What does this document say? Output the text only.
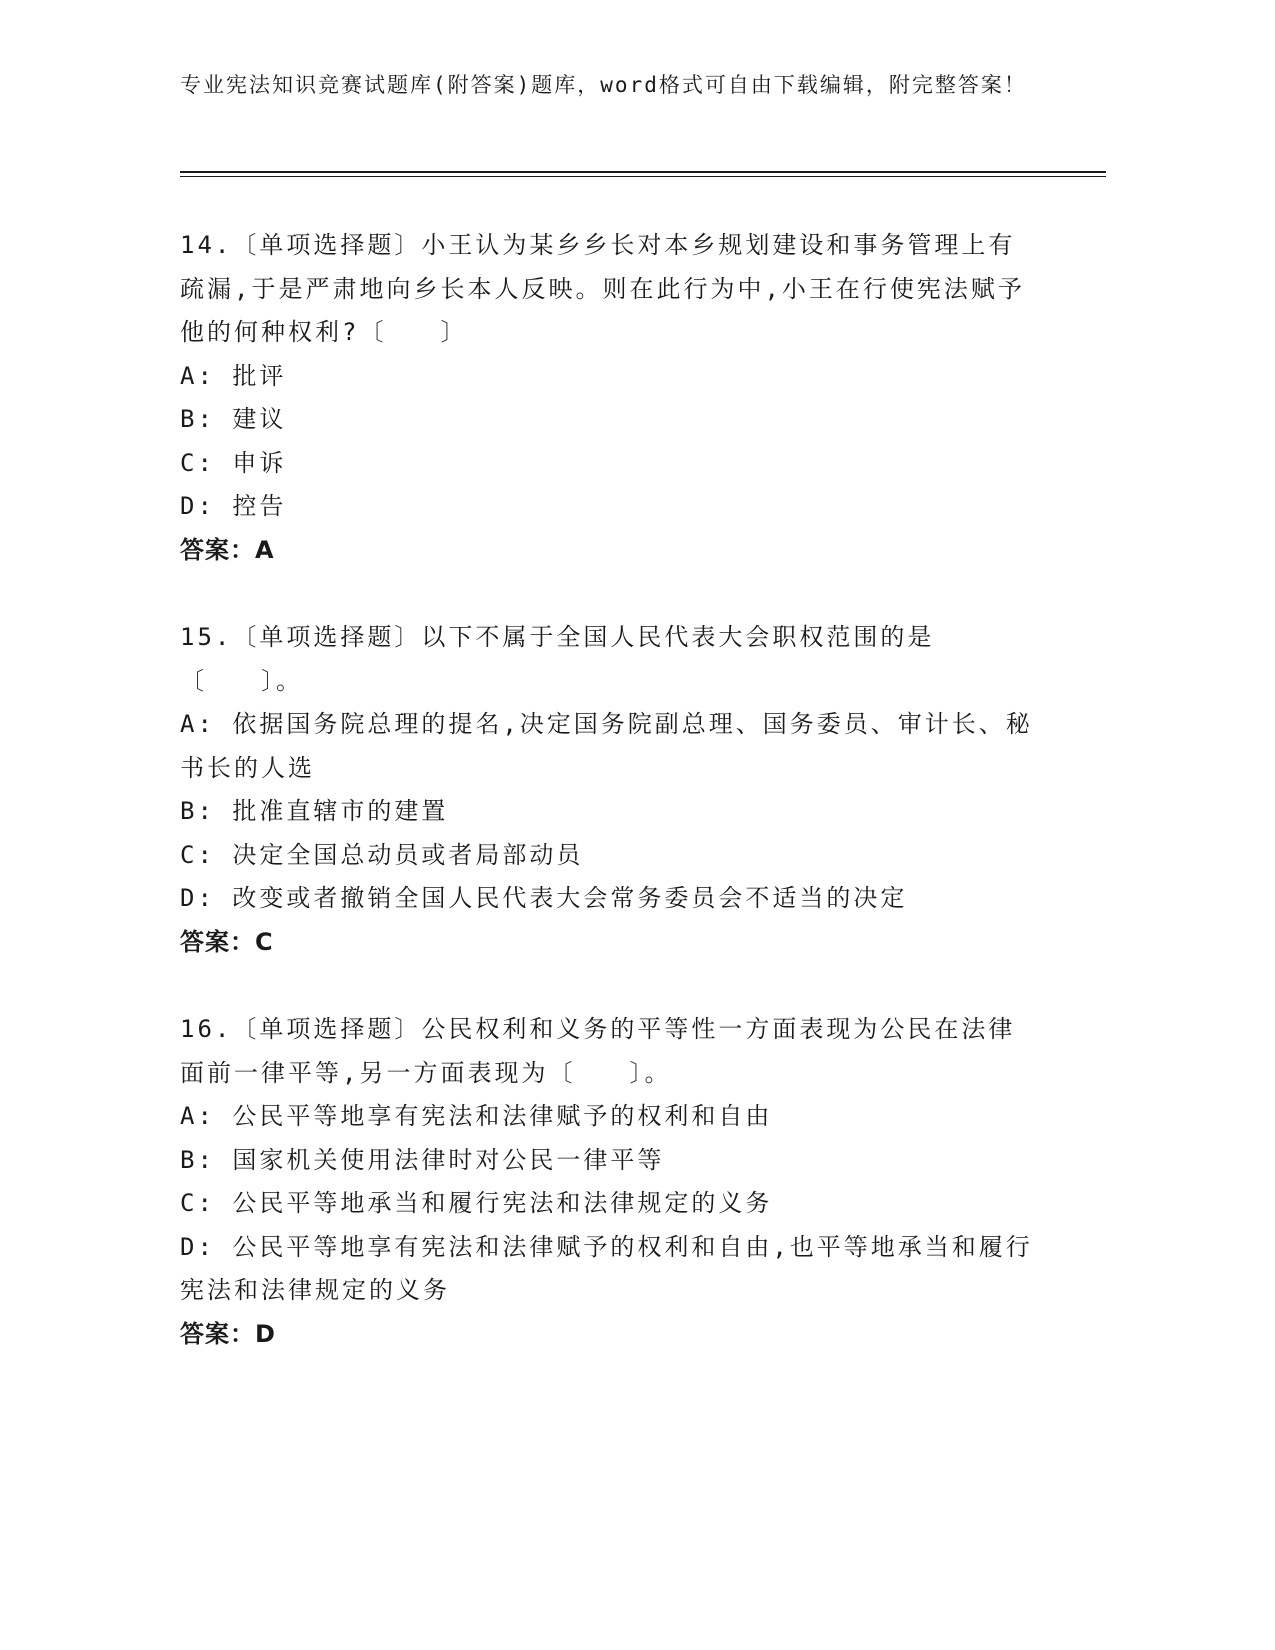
专业宪法知识竞赛试题库(附答案)题库，word格式可自由下载编辑，附完整答案！

14.〔单项选择题〕小王认为某乡乡长对本乡规划建设和事务管理上有疏漏,于是严肃地向乡长本人反映。则在此行为中,小王在行使宪法赋予他的何种权利?〔　　〕

A: 批评

B: 建议

C: 申诉

D: 控告

答案：A

15.〔单项选择题〕以下不属于全国人民代表大会职权范围的是〔　　〕。

A: 依据国务院总理的提名,决定国务院副总理、国务委员、审计长、秘书长的人选

B: 批准直辖市的建置

C: 决定全国总动员或者局部动员

D: 改变或者撤销全国人民代表大会常务委员会不适当的决定

答案：C

16.〔单项选择题〕公民权利和义务的平等性一方面表现为公民在法律面前一律平等,另一方面表现为〔　　〕。

A: 公民平等地享有宪法和法律赋予的权利和自由

B: 国家机关使用法律时对公民一律平等

C: 公民平等地承当和履行宪法和法律规定的义务

D: 公民平等地享有宪法和法律赋予的权利和自由,也平等地承当和履行宪法和法律规定的义务

答案：D
